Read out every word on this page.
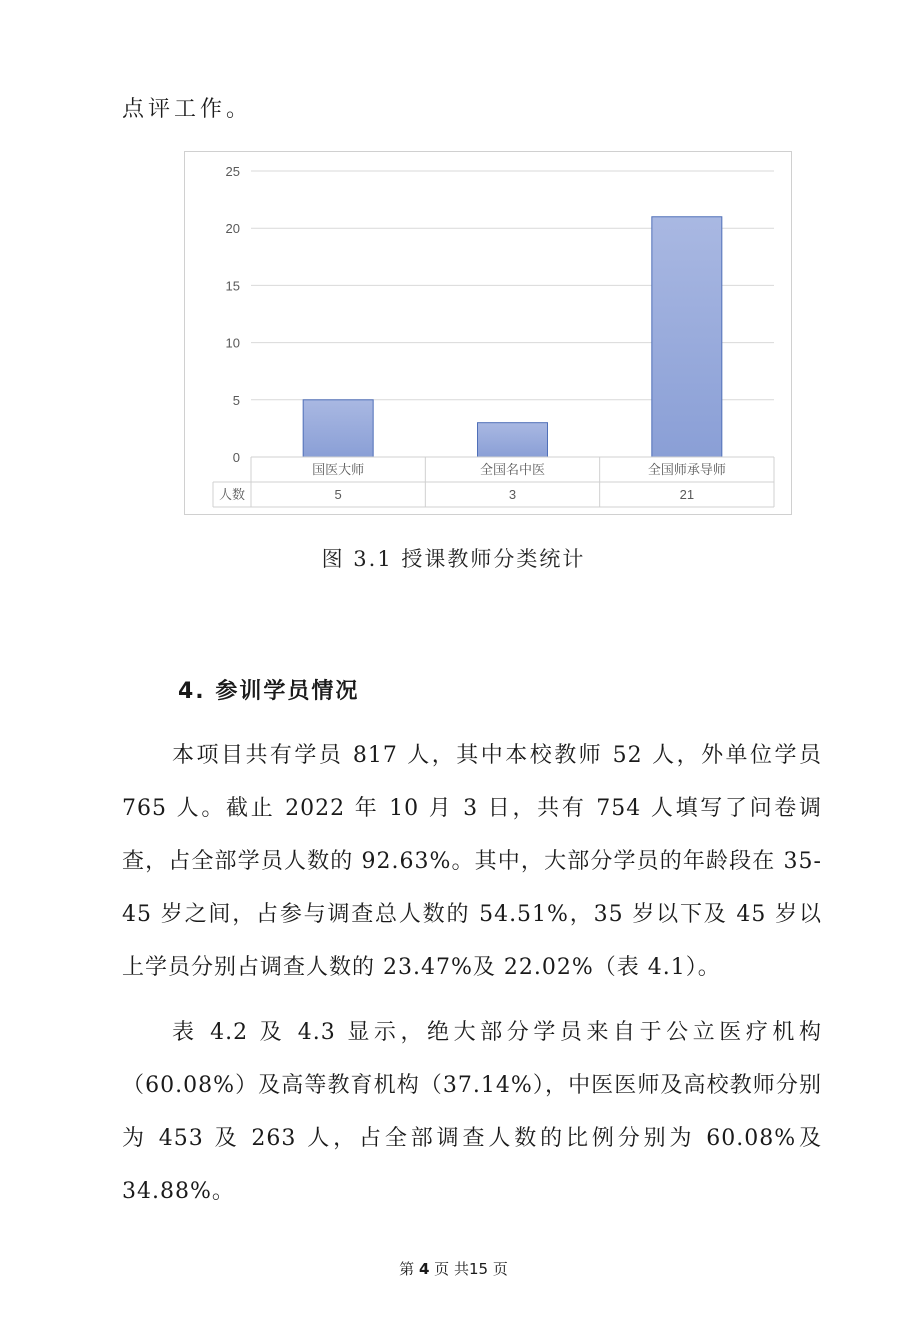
点评工作。
0
5
10
15
20
25
人数
国医大师
5
全国名中医
3
全国师承导师
21
图 3.1 授课教师分类统计
4. 参训学员情况
本项目共有学员 817 人，其中本校教师 52 人，外单位学员 765 人。截止 2022 年 10 月 3 日，共有 754 人填写了问卷调查，占全部学员人数的 92.63%。其中，大部分学员的年龄段在 35-45 岁之间，占参与调查总人数的 54.51%，35 岁以下及 45 岁以上学员分别占调查人数的 23.47%及 22.02%（表 4.1）。
表 4.2 及 4.3 显示，绝大部分学员来自于公立医疗机构（60.08%）及高等教育机构（37.14%），中医医师及高校教师分别为 453 及 263 人，占全部调查人数的比例分别为 60.08%及 34.88%。
第 4 页 共15 页
